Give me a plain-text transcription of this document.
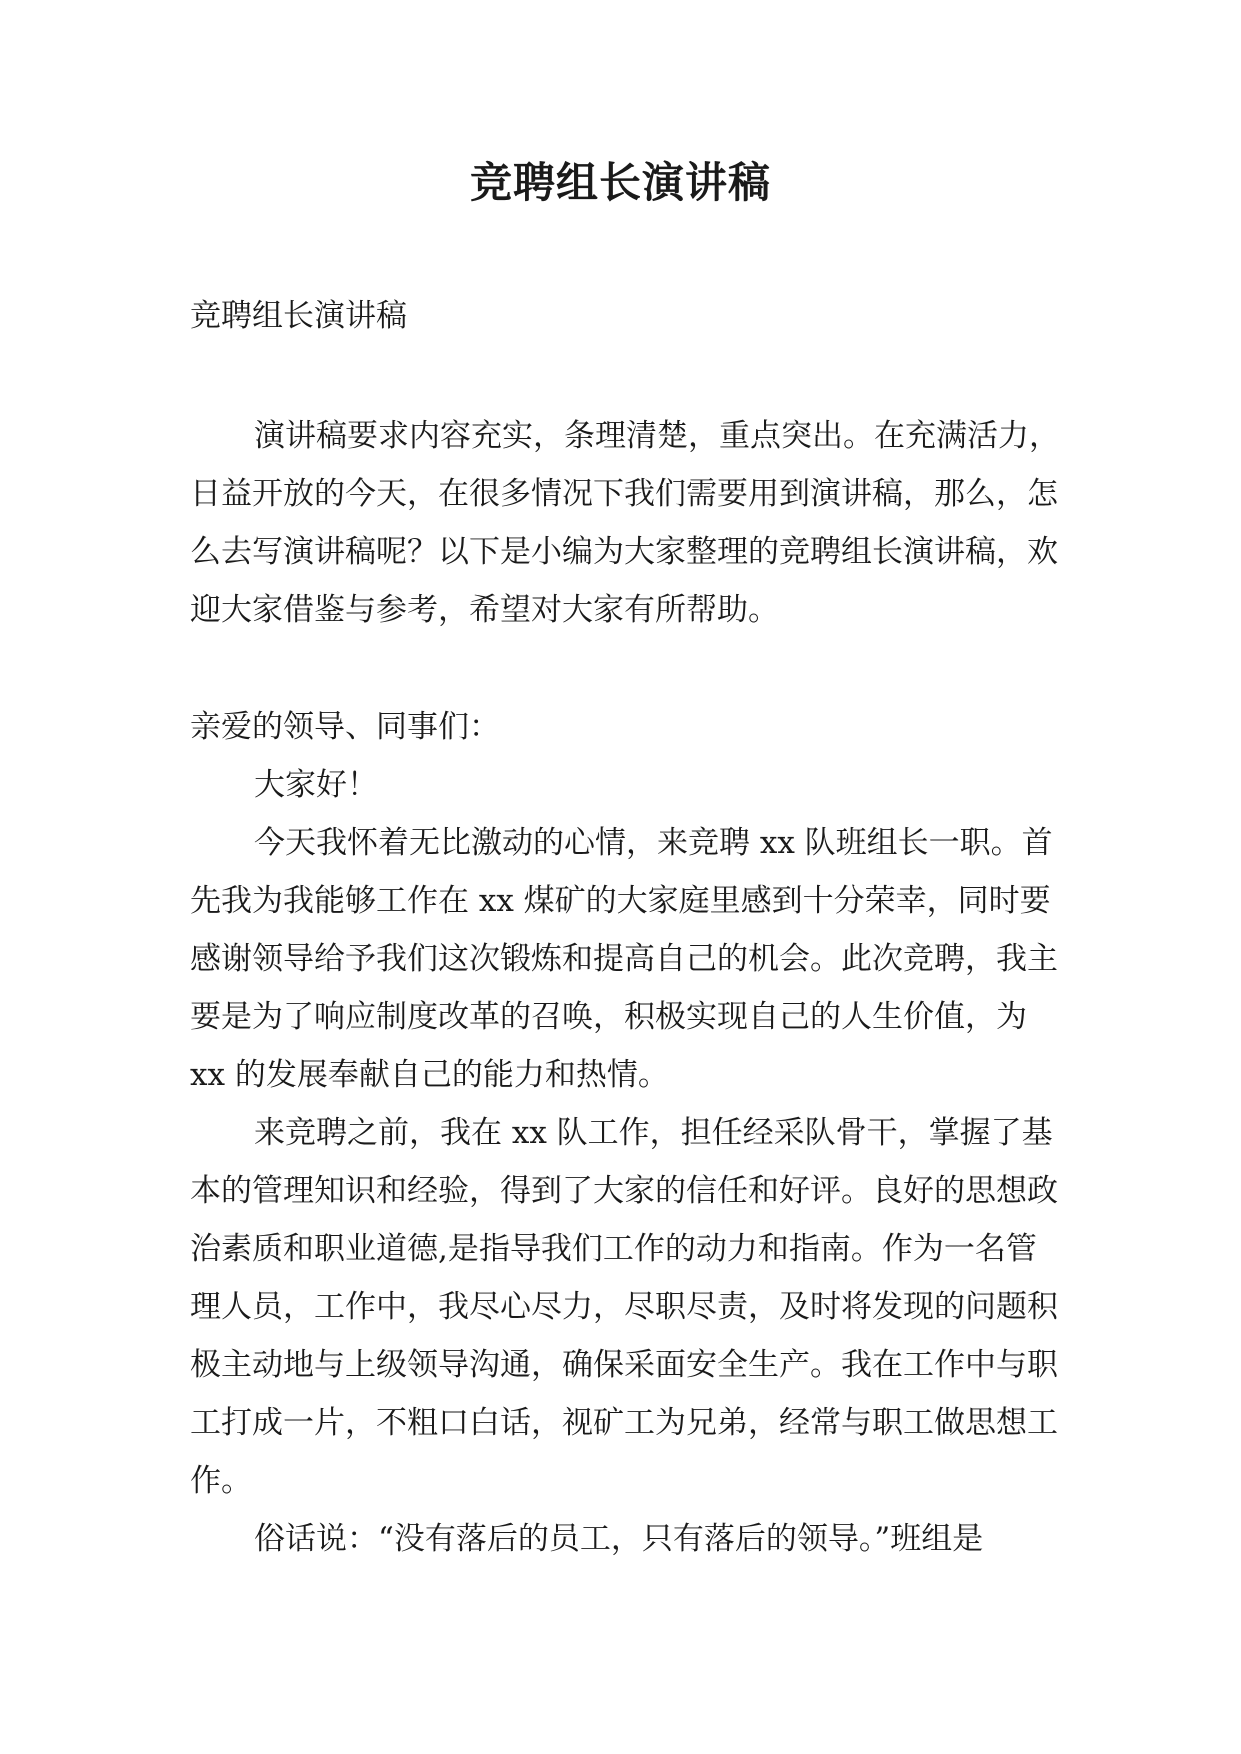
竞聘组长演讲稿

竞聘组长演讲稿

演讲稿要求内容充实，条理清楚，重点突出。在充满活力，日益开放的今天，在很多情况下我们需要用到演讲稿，那么，怎么去写演讲稿呢？以下是小编为大家整理的竞聘组长演讲稿，欢迎大家借鉴与参考，希望对大家有所帮助。

亲爱的领导、同事们：

大家好！

今天我怀着无比激动的心情，来竞聘 xx 队班组长一职。首先我为我能够工作在 xx 煤矿的大家庭里感到十分荣幸，同时要感谢领导给予我们这次锻炼和提高自己的机会。此次竞聘，我主要是为了响应制度改革的召唤，积极实现自己的人生价值，为 xx 的发展奉献自己的能力和热情。

来竞聘之前，我在 xx 队工作，担任经采队骨干，掌握了基本的管理知识和经验，得到了大家的信任和好评。良好的思想政治素质和职业道德,是指导我们工作的动力和指南。作为一名管理人员，工作中，我尽心尽力，尽职尽责，及时将发现的问题积极主动地与上级领导沟通，确保采面安全生产。我在工作中与职工打成一片，不粗口白话，视矿工为兄弟，经常与职工做思想工作。

俗话说：“没有落后的员工，只有落后的领导。”班组是
